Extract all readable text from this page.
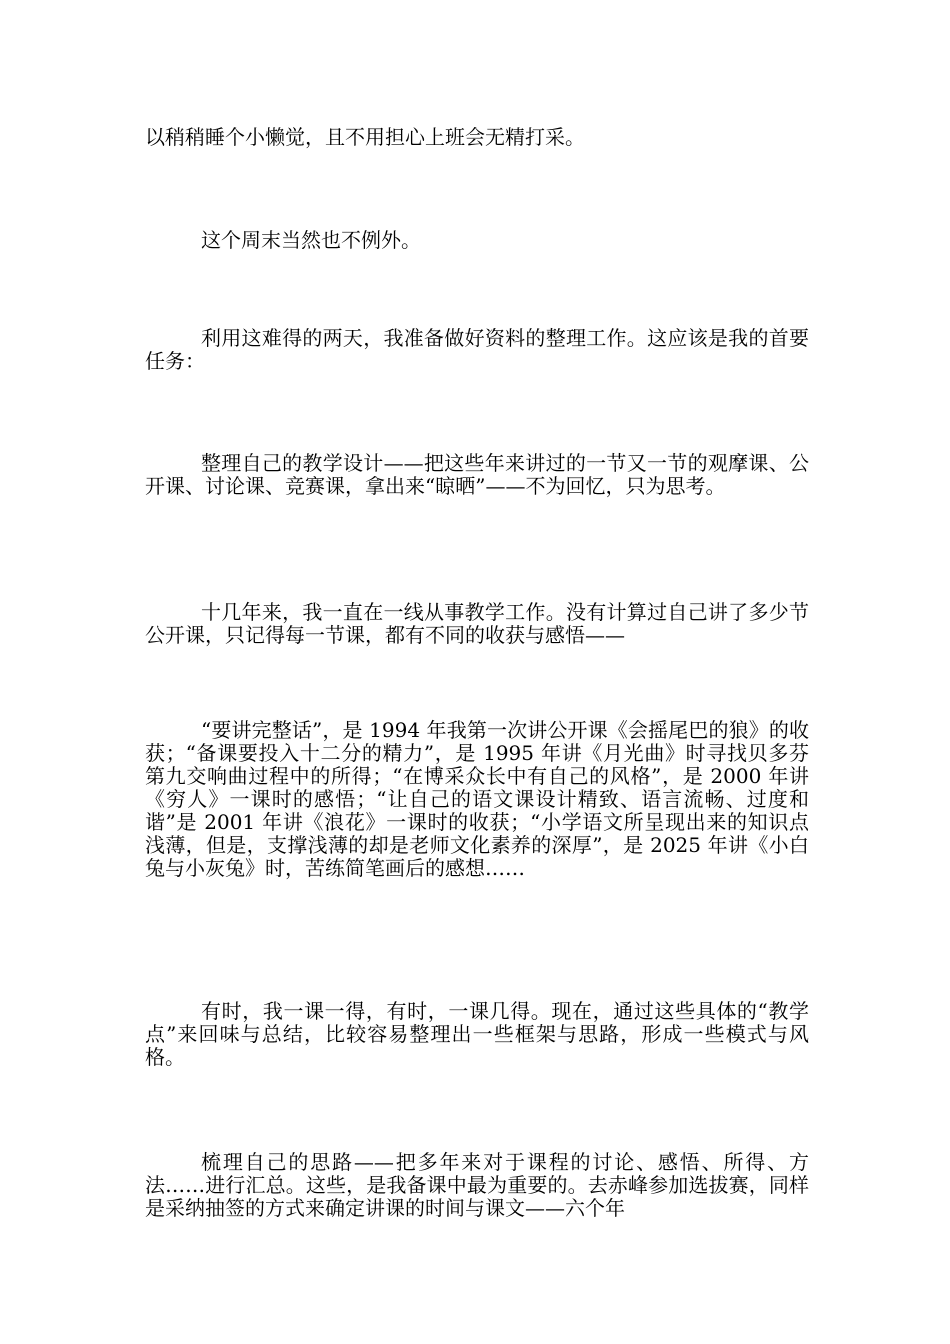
以稍稍睡个小懒觉，且不用担心上班会无精打采。

这个周末当然也不例外。

利用这难得的两天，我准备做好资料的整理工作。这应该是我的首要任务：

整理自己的教学设计——把这些年来讲过的一节又一节的观摩课、公开课、讨论课、竞赛课，拿出来“晾晒”——不为回忆，只为思考。

十几年来，我一直在一线从事教学工作。没有计算过自己讲了多少节公开课，只记得每一节课，都有不同的收获与感悟——

“要讲完整话”，是 1994 年我第一次讲公开课《会摇尾巴的狼》的收获；“备课要投入十二分的精力”，是 1995 年讲《月光曲》时寻找贝多芬第九交响曲过程中的所得；“在博采众长中有自己的风格”，是 2000 年讲《穷人》一课时的感悟；“让自己的语文课设计精致、语言流畅、过度和谐”是 2001 年讲《浪花》一课时的收获；“小学语文所呈现出来的知识点浅薄，但是，支撑浅薄的却是老师文化素养的深厚”，是 2025 年讲《小白兔与小灰兔》时，苦练简笔画后的感想……

有时，我一课一得，有时，一课几得。现在，通过这些具体的“教学点”来回味与总结，比较容易整理出一些框架与思路，形成一些模式与风格。

梳理自己的思路——把多年来对于课程的讨论、感悟、所得、方法……进行汇总。这些，是我备课中最为重要的。去赤峰参加选拔赛，同样是采纳抽签的方式来确定讲课的时间与课文——六个年
